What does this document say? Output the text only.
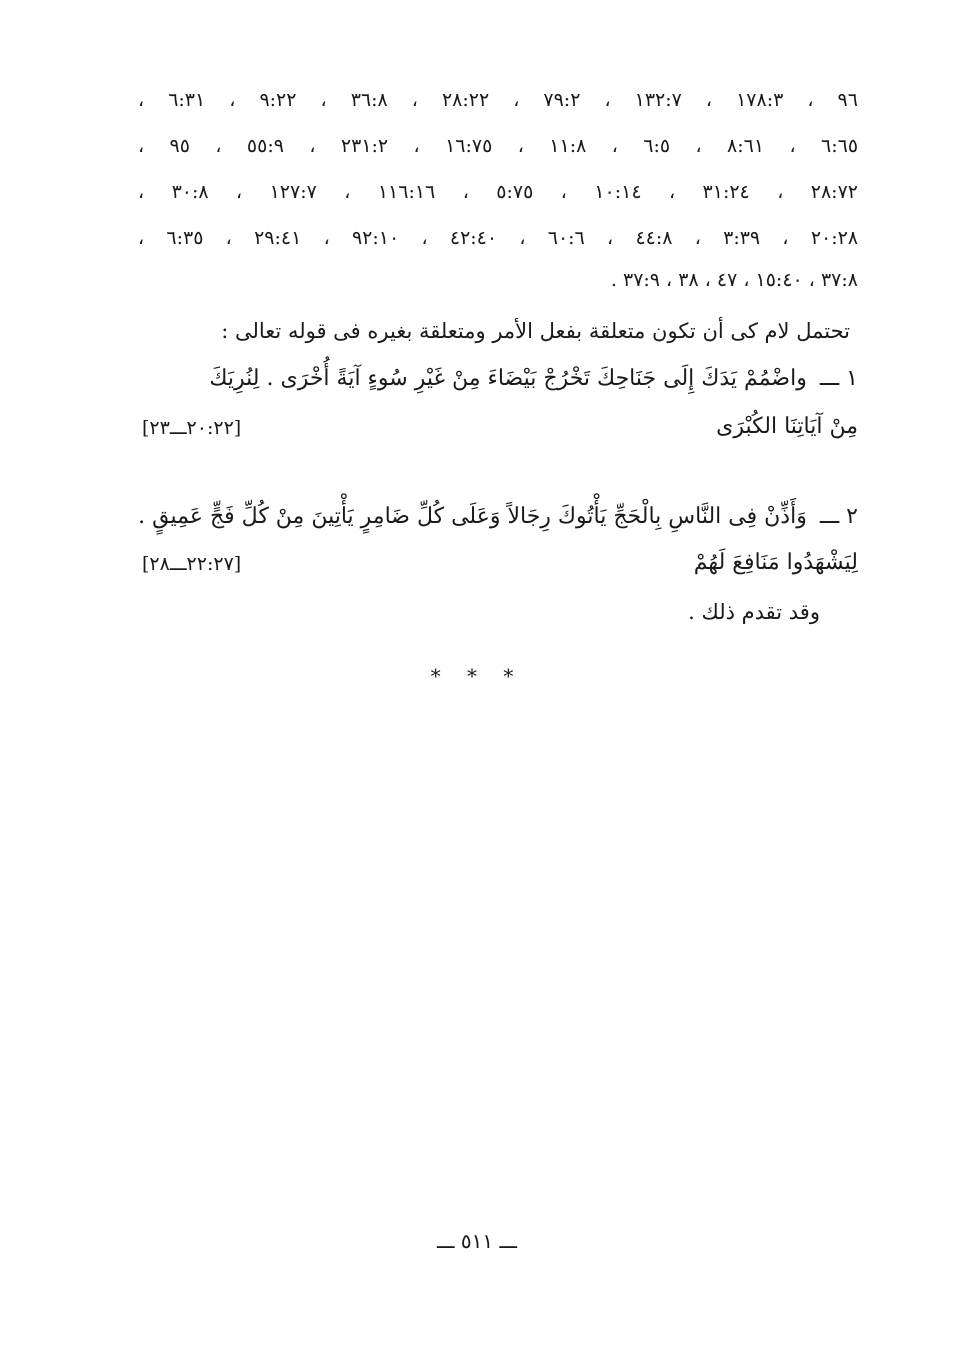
٩٦ ، ١٧٨:٣ ، ١٣٢:٧ ، ٧٩:٢ ، ٢٨:٢٢ ، ٣٦:٨ ، ٩:٢٢ ، ٦:٣١ ،
٦:٦٥ ، ٨:٦١ ، ٦:٥ ، ١١:٨ ، ١٦:٧٥ ، ٢٣١:٢ ، ٥٥:٩ ، ٩٥ ،
٢٨:٧٢ ، ٣١:٢٤ ، ١٠:١٤ ، ٥:٧٥ ، ١١٦:١٦ ، ١٢٧:٧ ، ٣٠:٨ ،
٢٠:٢٨ ، ٣:٣٩ ، ٤٤:٨ ، ٦٠:٦ ، ٤٢:٤٠ ، ٩٢:١٠ ، ٢٩:٤١ ، ٦:٣٥ ،
٣٧:٨ ، ١٥:٤٠ ، ٤٧ ، ٣٨ ، ٣٧:٩ .
تحتمل لام كى أن تكون متعلقة بفعل الأمر ومتعلقة بغيره فى قوله تعالى :
١ ـــ واضْمُمْ يَدَكَ إِلَى جَنَاحِكَ تَخْرُجْ بَيْضَاءَ مِنْ غَيْرِ سُوءٍ آيَةً أُخْرَى . لِنُرِيَكَ
مِنْ آيَاتِنَا الكُبْرَى
[٢٠:٢٢ـــ٢٣]
٢ ـــ وَأَذِّنْ فِى النَّاسِ بِالْحَجِّ يَأْتُوكَ رِجَالاً وَعَلَى كُلِّ ضَامِرٍ يَأْتِينَ مِنْ كُلِّ فَجٍّ عَمِيقٍ .
لِيَشْهَدُوا مَنَافِعَ لَهُمْ
[٢٢:٢٧ـــ٢٨]
وقد تقدم ذلك .
* * *
ـــ ٥١١ ـــ
